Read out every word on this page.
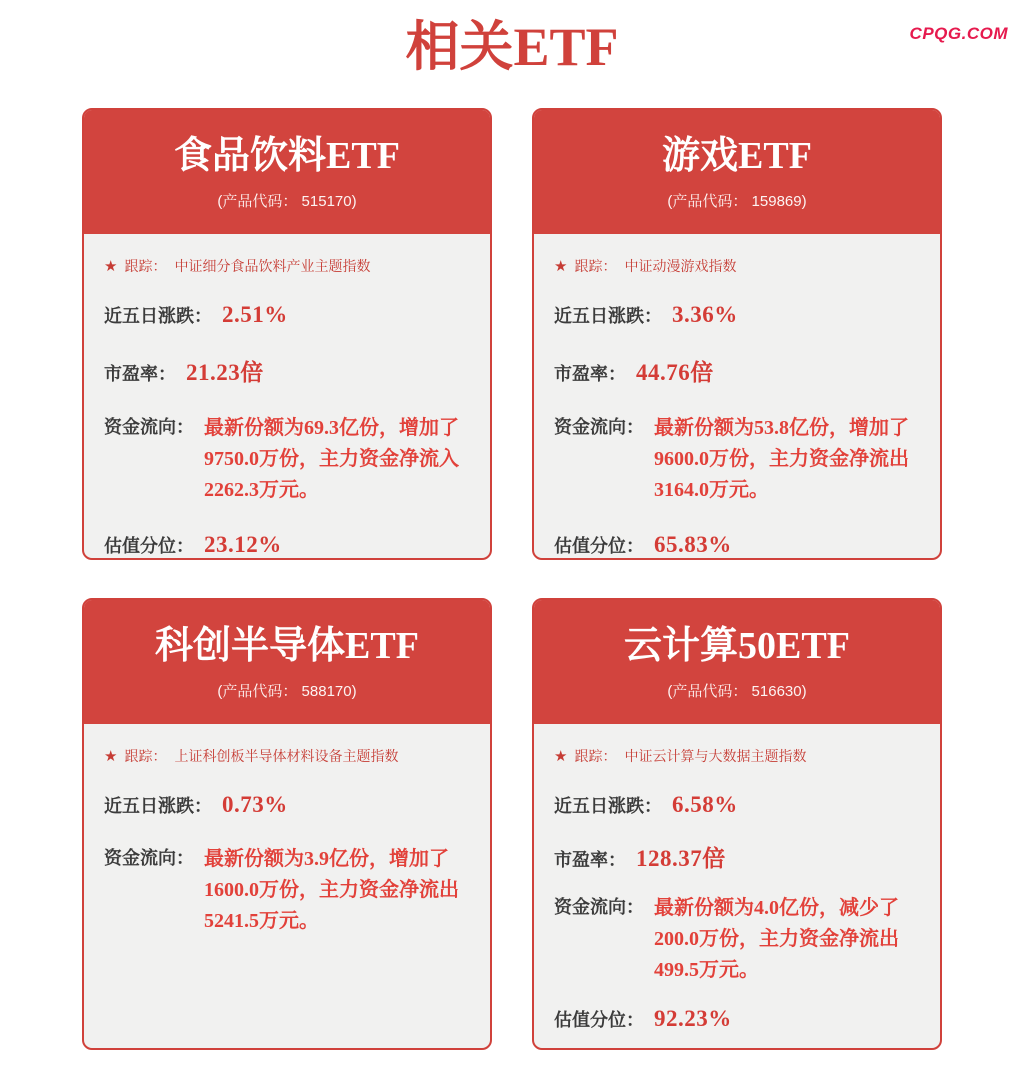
CPQG.COM
相关ETF
食品饮料ETF
(产品代码： 515170)
★ 跟踪： 中证细分食品饮料产业主题指数
近五日涨跌： 2.51%
市盈率： 21.23倍
资金流向： 最新份额为69.3亿份，增加了9750.0万份，主力资金净流入2262.3万元。
估值分位： 23.12%
游戏ETF
(产品代码： 159869)
★ 跟踪： 中证动漫游戏指数
近五日涨跌： 3.36%
市盈率： 44.76倍
资金流向： 最新份额为53.8亿份，增加了9600.0万份，主力资金净流出3164.0万元。
估值分位： 65.83%
科创半导体ETF
(产品代码： 588170)
★ 跟踪： 上证科创板半导体材料设备主题指数
近五日涨跌： 0.73%
资金流向： 最新份额为3.9亿份，增加了1600.0万份，主力资金净流出5241.5万元。
云计算50ETF
(产品代码： 516630)
★ 跟踪： 中证云计算与大数据主题指数
近五日涨跌： 6.58%
市盈率： 128.37倍
资金流向： 最新份额为4.0亿份，减少了200.0万份，主力资金净流出499.5万元。
估值分位： 92.23%
